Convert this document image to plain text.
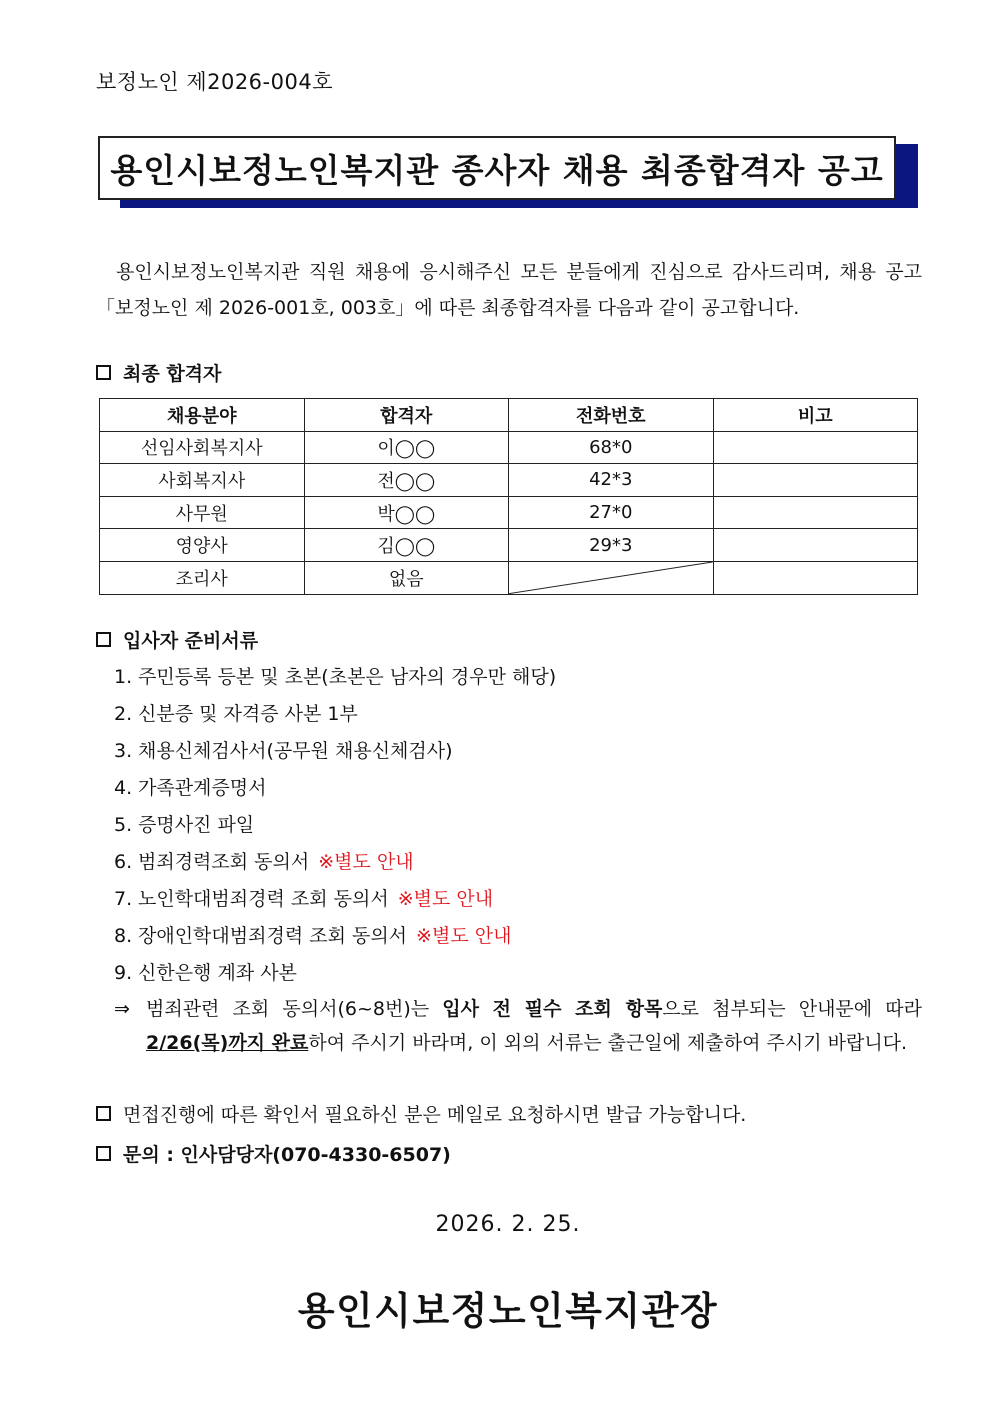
보정노인 제2026-004호
용인시보정노인복지관 종사자 채용 최종합격자 공고

용인시보정노인복지관 직원 채용에 응시해주신 모든 분들에게 진심으로 감사드리며, 채용 공고「보정노인 제 2026-001호, 003호」에 따른 최종합격자를 다음과 같이 공고합니다.

최종 합격자
채용분야	합격자	전화번호	비고
선임사회복지사	이◯◯	68*0	
사회복지사	전◯◯	42*3	
사무원	박◯◯	27*0	
영양사	김◯◯	29*3	
조리사	없음	

입사자 준비서류
1. 주민등록 등본 및 초본(초본은 남자의 경우만 해당)
2. 신분증 및 자격증 사본 1부
3. 채용신체검사서(공무원 채용신체검사)
4. 가족관계증명서
5. 증명사진 파일
6. 범죄경력조회 동의서 ※별도 안내
7. 노인학대범죄경력 조회 동의서 ※별도 안내
8. 장애인학대범죄경력 조회 동의서 ※별도 안내
9. 신한은행 계좌 사본
⇒ 범죄관련 조회 동의서(6~8번)는 입사 전 필수 조회 항목으로 첨부되는 안내문에 따라
2/26(목)까지 완료하여 주시기 바라며, 이 외의 서류는 출근일에 제출하여 주시기 바랍니다.
면접진행에 따른 확인서 필요하신 분은 메일로 요청하시면 발급 가능합니다.
문의 : 인사담당자(070-4330-6507)
2026. 2. 25.
용인시보정노인복지관장
